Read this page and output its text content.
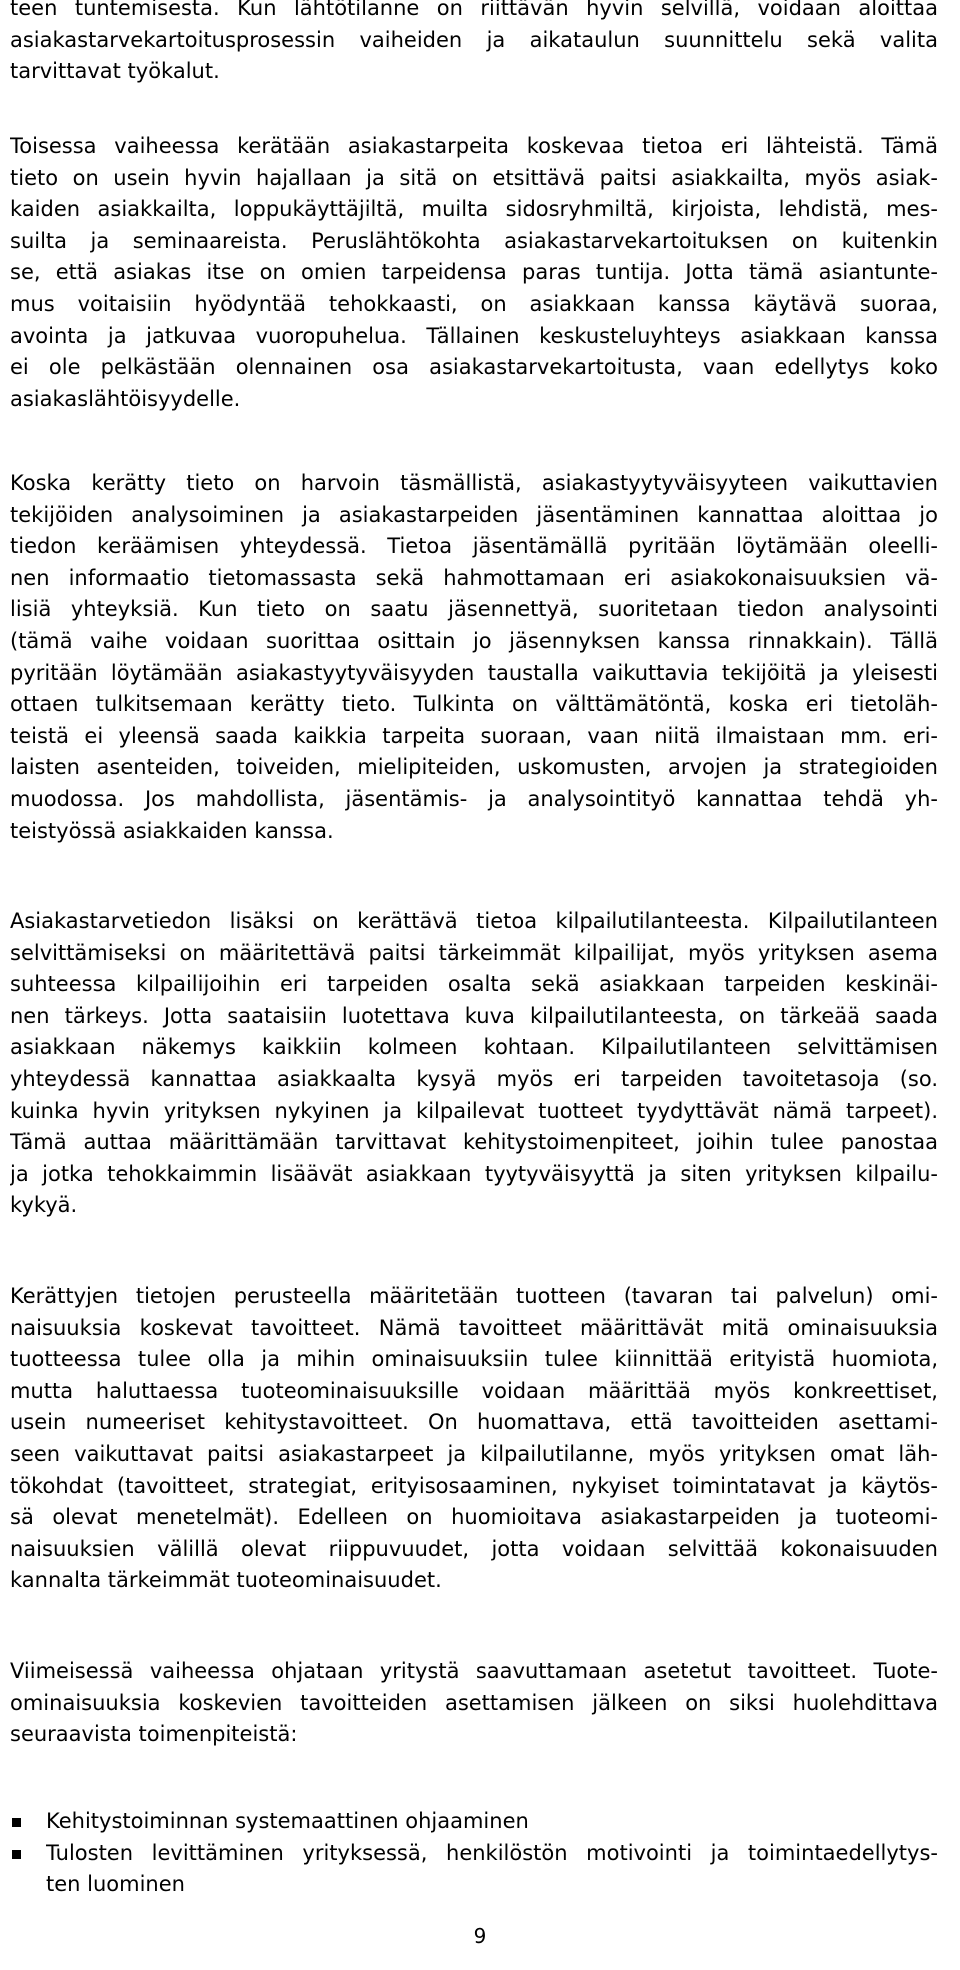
teen tuntemisesta. Kun lähtötilanne on riittävän hyvin selvillä, voidaan aloittaa
asiakastarvekartoitusprosessin vaiheiden ja aikataulun suunnittelu sekä valita
tarvittavat työkalut.

Toisessa vaiheessa kerätään asiakastarpeita koskevaa tietoa eri lähteistä. Tämä
tieto on usein hyvin hajallaan ja sitä on etsittävä paitsi asiakkailta, myös asiak-
kaiden asiakkailta, loppukäyttäjiltä, muilta sidosryhmiltä, kirjoista, lehdistä, mes-
suilta ja seminaareista. Peruslähtökohta asiakastarvekartoituksen on kuitenkin
se, että asiakas itse on omien tarpeidensa paras tuntija. Jotta tämä asiantunte-
mus voitaisiin hyödyntää tehokkaasti, on asiakkaan kanssa käytävä suoraa,
avointa ja jatkuvaa vuoropuhelua. Tällainen keskusteluyhteys asiakkaan kanssa
ei ole pelkästään olennainen osa asiakastarvekartoitusta, vaan edellytys koko
asiakaslähtöisyydelle.

Koska kerätty tieto on harvoin täsmällistä, asiakastyytyväisyyteen vaikuttavien
tekijöiden analysoiminen ja asiakastarpeiden jäsentäminen kannattaa aloittaa jo
tiedon keräämisen yhteydessä. Tietoa jäsentämällä pyritään löytämään oleelli-
nen informaatio tietomassasta sekä hahmottamaan eri asiakokonaisuuksien vä-
lisiä yhteyksiä. Kun tieto on saatu jäsennettyä, suoritetaan tiedon analysointi
(tämä vaihe voidaan suorittaa osittain jo jäsennyksen kanssa rinnakkain). Tällä
pyritään löytämään asiakastyytyväisyyden taustalla vaikuttavia tekijöitä ja yleisesti
ottaen tulkitsemaan kerätty tieto. Tulkinta on välttämätöntä, koska eri tietoläh-
teistä ei yleensä saada kaikkia tarpeita suoraan, vaan niitä ilmaistaan mm. eri-
laisten asenteiden, toiveiden, mielipiteiden, uskomusten, arvojen ja strategioiden
muodossa. Jos mahdollista, jäsentämis- ja analysointityö kannattaa tehdä yh-
teistyössä asiakkaiden kanssa.

Asiakastarvetiedon lisäksi on kerättävä tietoa kilpailutilanteesta. Kilpailutilanteen
selvittämiseksi on määritettävä paitsi tärkeimmät kilpailijat, myös yrityksen asema
suhteessa kilpailijoihin eri tarpeiden osalta sekä asiakkaan tarpeiden keskinäi-
nen tärkeys. Jotta saataisiin luotettava kuva kilpailutilanteesta, on tärkeää saada
asiakkaan näkemys kaikkiin kolmeen kohtaan. Kilpailutilanteen selvittämisen
yhteydessä kannattaa asiakkaalta kysyä myös eri tarpeiden tavoitetasoja (so.
kuinka hyvin yrityksen nykyinen ja kilpailevat tuotteet tyydyttävät nämä tarpeet).
Tämä auttaa määrittämään tarvittavat kehitystoimenpiteet, joihin tulee panostaa
ja jotka tehokkaimmin lisäävät asiakkaan tyytyväisyyttä ja siten yrityksen kilpailu-
kykyä.

Kerättyjen tietojen perusteella määritetään tuotteen (tavaran tai palvelun) omi-
naisuuksia koskevat tavoitteet. Nämä tavoitteet määrittävät mitä ominaisuuksia
tuotteessa tulee olla ja mihin ominaisuuksiin tulee kiinnittää erityistä huomiota,
mutta haluttaessa tuoteominaisuuksille voidaan määrittää myös konkreettiset,
usein numeeriset kehitystavoitteet. On huomattava, että tavoitteiden asettami-
seen vaikuttavat paitsi asiakastarpeet ja kilpailutilanne, myös yrityksen omat läh-
tökohdat (tavoitteet, strategiat, erityisosaaminen, nykyiset toimintatavat ja käytös-
sä olevat menetelmät). Edelleen on huomioitava asiakastarpeiden ja tuoteomi-
naisuuksien välillä olevat riippuvuudet, jotta voidaan selvittää kokonaisuuden
kannalta tärkeimmät tuoteominaisuudet.

Viimeisessä vaiheessa ohjataan yritystä saavuttamaan asetetut tavoitteet. Tuote-
ominaisuuksia koskevien tavoitteiden asettamisen jälkeen on siksi huolehdittava
seuraavista toimenpiteistä:

Kehitystoiminnan systemaattinen ohjaaminen
Tulosten levittäminen yrityksessä, henkilöstön motivointi ja toimintaedellytys-
ten luominen
9
